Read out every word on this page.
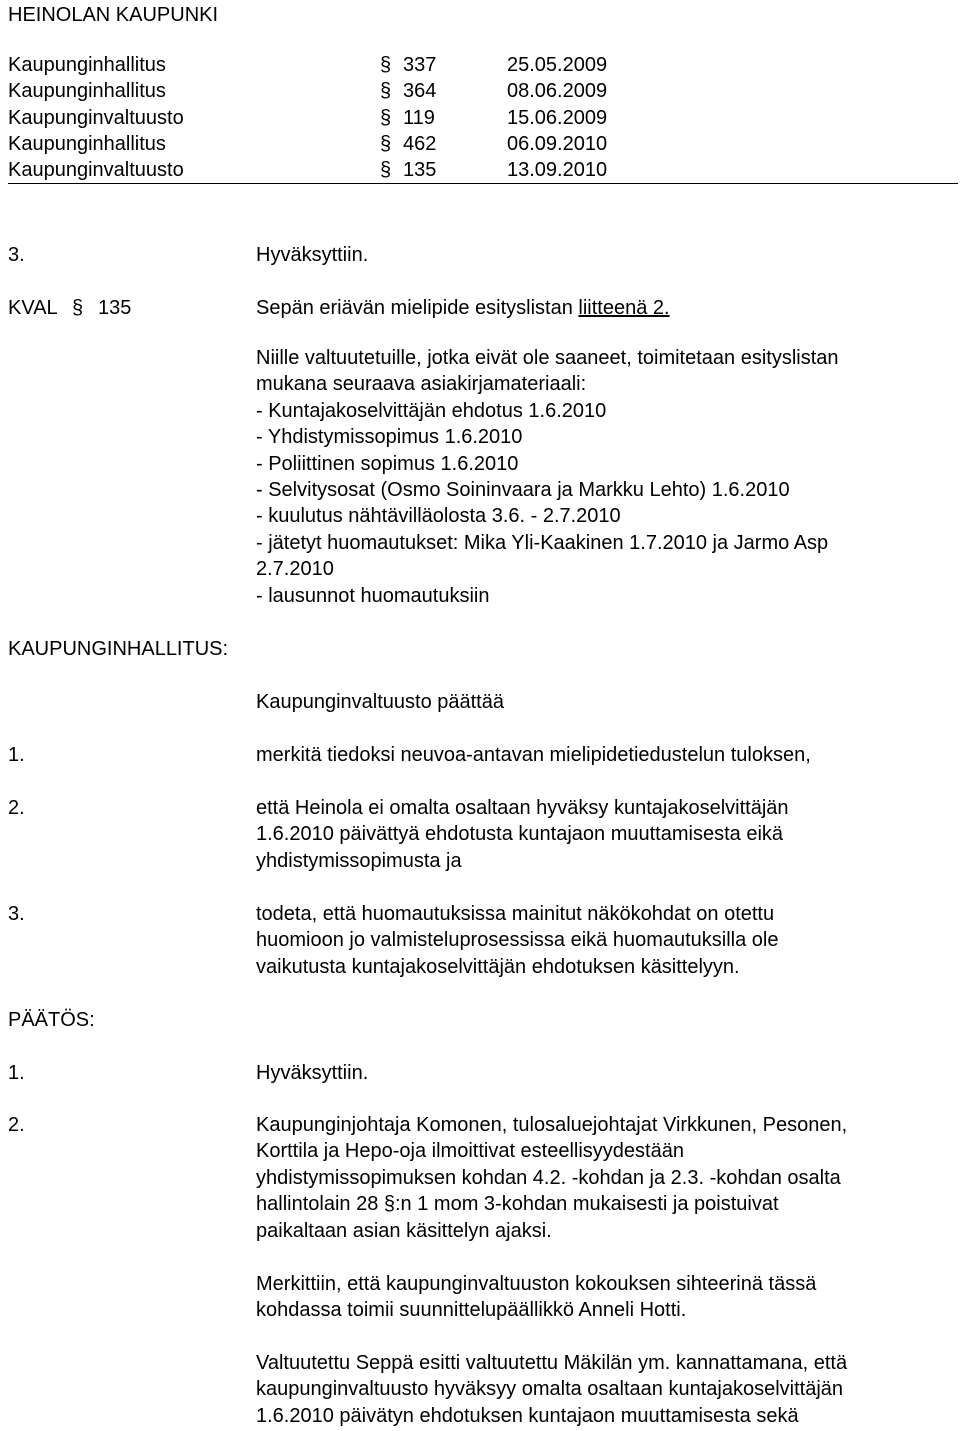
HEINOLAN KAUPUNKI
Kaupunginhallitus	§ 337	25.05.2009
Kaupunginhallitus	§ 364	08.06.2009
Kaupunginvaltuusto	§ 119	15.06.2009
Kaupunginhallitus	§ 462	06.09.2010
Kaupunginvaltuusto	§ 135	13.09.2010
3.	Hyväksyttiin.
KVAL § 135	Sepän eriävän mielipide esityslistan liitteenä 2.
Niille valtuutetuille, jotka eivät ole saaneet, toimitetaan esityslistan
mukana seuraava asiakirjamateriaali:
- Kuntajakoselvittäjän ehdotus 1.6.2010
- Yhdistymissopimus 1.6.2010
- Poliittinen sopimus 1.6.2010
- Selvitysosat (Osmo Soininvaara ja Markku Lehto) 1.6.2010
- kuulutus nähtävilläolosta 3.6. - 2.7.2010
- jätetyt huomautukset: Mika Yli-Kaakinen 1.7.2010 ja Jarmo Asp
2.7.2010
- lausunnot huomautuksiin
KAUPUNGINHALLITUS:
Kaupunginvaltuusto päättää
1.	merkitä tiedoksi neuvoa-antavan mielipidetiedustelun tuloksen,
2.	että Heinola ei omalta osaltaan hyväksy kuntajakoselvittäjän
1.6.2010 päivättyä ehdotusta kuntajaon muuttamisesta eikä
yhdistymissopimusta ja
3.	todeta, että huomautuksissa mainitut näkökohdat on otettu
huomioon jo valmisteluprosessissa eikä huomautuksilla ole
vaikutusta kuntajakoselvittäjän ehdotuksen käsittelyyn.
PÄÄTÖS:
1.	Hyväksyttiin.
2.	Kaupunginjohtaja Komonen, tulosaluejohtajat Virkkunen, Pesonen,
Korttila ja Hepo-oja ilmoittivat esteellisyydestään
yhdistymissopimuksen kohdan 4.2. -kohdan ja 2.3. -kohdan osalta
hallintolain 28 §:n 1 mom 3-kohdan mukaisesti ja poistuivat
paikaltaan asian käsittelyn ajaksi.
Merkittiin, että kaupunginvaltuuston kokouksen sihteerinä tässä
kohdassa toimii suunnittelupäällikkö Anneli Hotti.
Valtuutettu Seppä esitti valtuutettu Mäkilän ym. kannattamana, että
kaupunginvaltuusto hyväksyy omalta osaltaan kuntajakoselvittäjän
1.6.2010 päivätyn ehdotuksen kuntajaon muuttamisesta sekä
